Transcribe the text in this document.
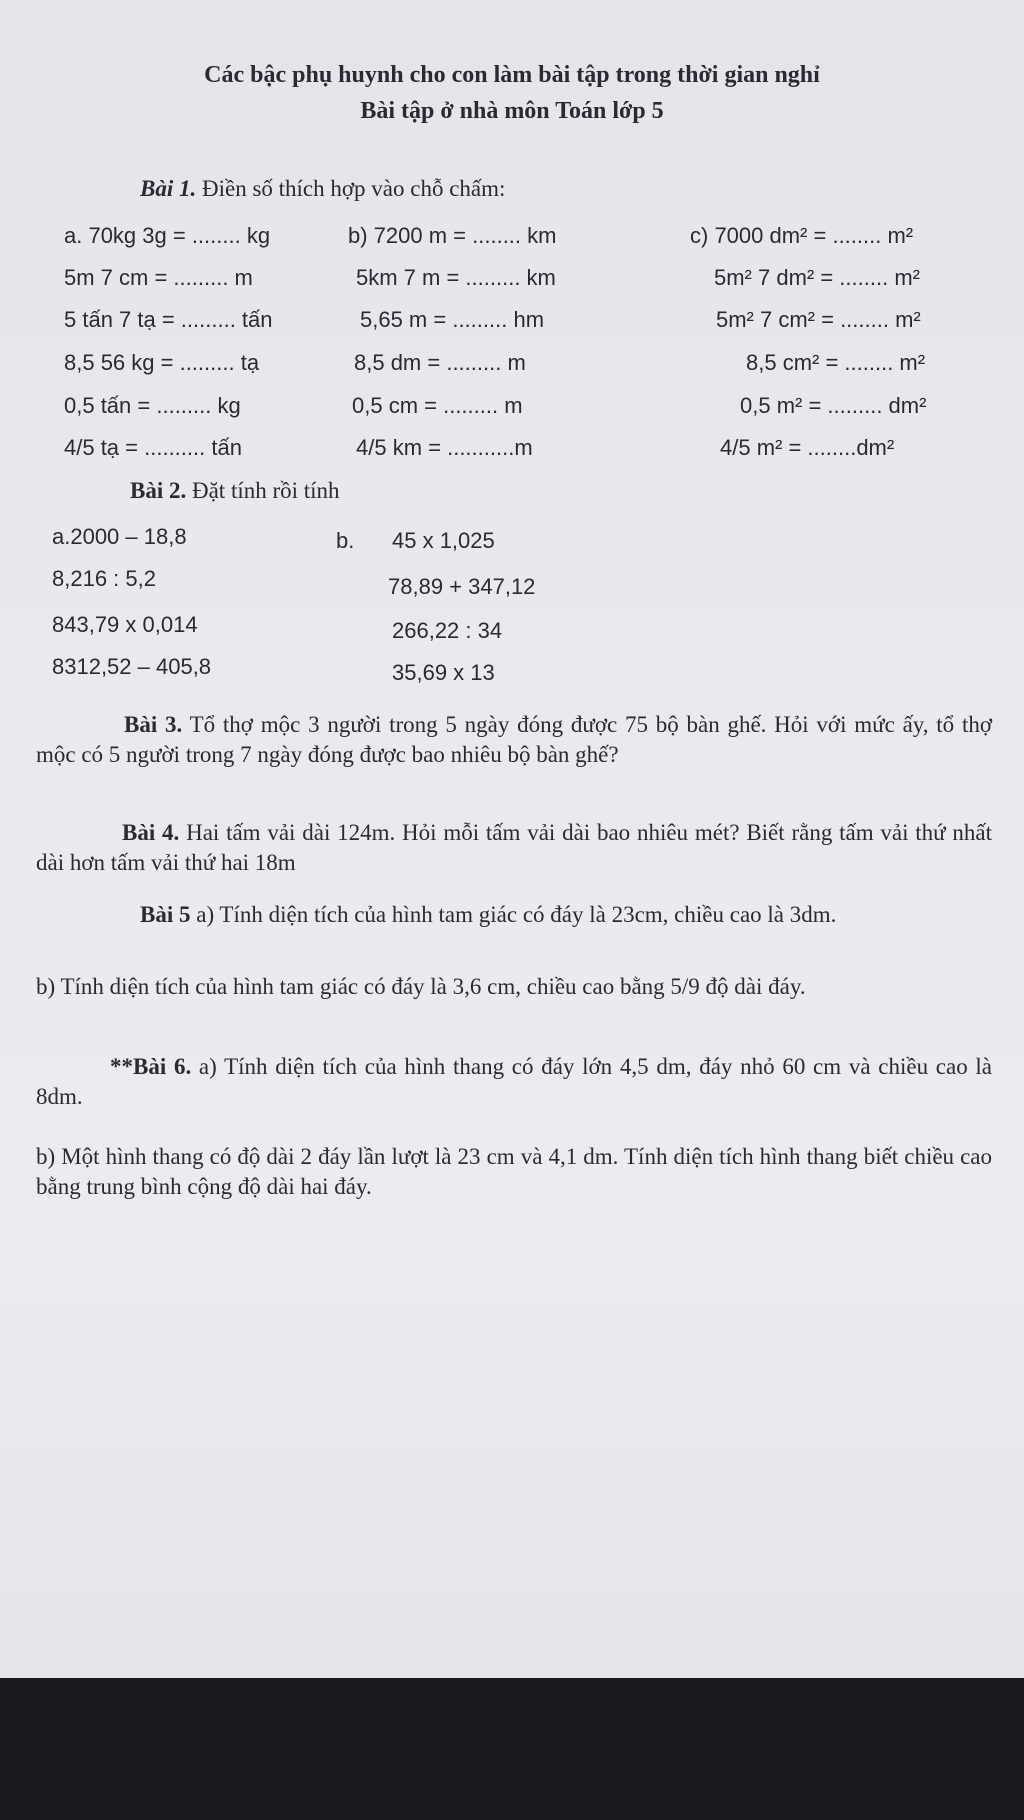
Các bậc phụ huynh cho con làm bài tập trong thời gian nghỉ
Bài tập ở nhà môn Toán lớp 5
Bài 1. Điền số thích hợp vào chỗ chấm:
a. 70kg 3g = ........ kg
5m 7 cm = ......... m
5 tấn 7 tạ = ......... tấn
8,5 56 kg = ......... tạ
0,5 tấn = ......... kg
4/5 tạ = .......... tấn
b) 7200 m = ........ km
5km 7 m = ......... km
5,65 m = ......... hm
8,5 dm = ......... m
0,5 cm = ......... m
4/5 km = ...........m
c) 7000 dm² = ........ m²
5m² 7 dm² = ........ m²
5m² 7 cm² = ........ m²
8,5 cm² = ........ m²
0,5 m² = ......... dm²
4/5 m² = ........dm²
Bài 2. Đặt tính rồi tính
a.2000 – 18,8
8,216 : 5,2
843,79 x 0,014
8312,52 – 405,8
b. 45 x 1,025
78,89 + 347,12
266,22 : 34
35,69 x 13
Bài 3. Tổ thợ mộc 3 người trong 5 ngày đóng được 75 bộ bàn ghế. Hỏi với mức ấy, tổ thợ mộc có 5 người trong 7 ngày đóng được bao nhiêu bộ bàn ghế?
Bài 4. Hai tấm vải dài 124m. Hỏi mỗi tấm vải dài bao nhiêu mét? Biết rằng tấm vải thứ nhất dài hơn tấm vải thứ hai 18m
Bài 5 a) Tính diện tích của hình tam giác có đáy là 23cm, chiều cao là 3dm.
b) Tính diện tích của hình tam giác có đáy là 3,6 cm, chiều cao bằng 5/9 độ dài đáy.
**Bài 6. a) Tính diện tích của hình thang có đáy lớn 4,5 dm, đáy nhỏ 60 cm và chiều cao là 8dm.
b) Một hình thang có độ dài 2 đáy lần lượt là 23 cm và 4,1 dm. Tính diện tích hình thang biết chiều cao bằng trung bình cộng độ dài hai đáy.
